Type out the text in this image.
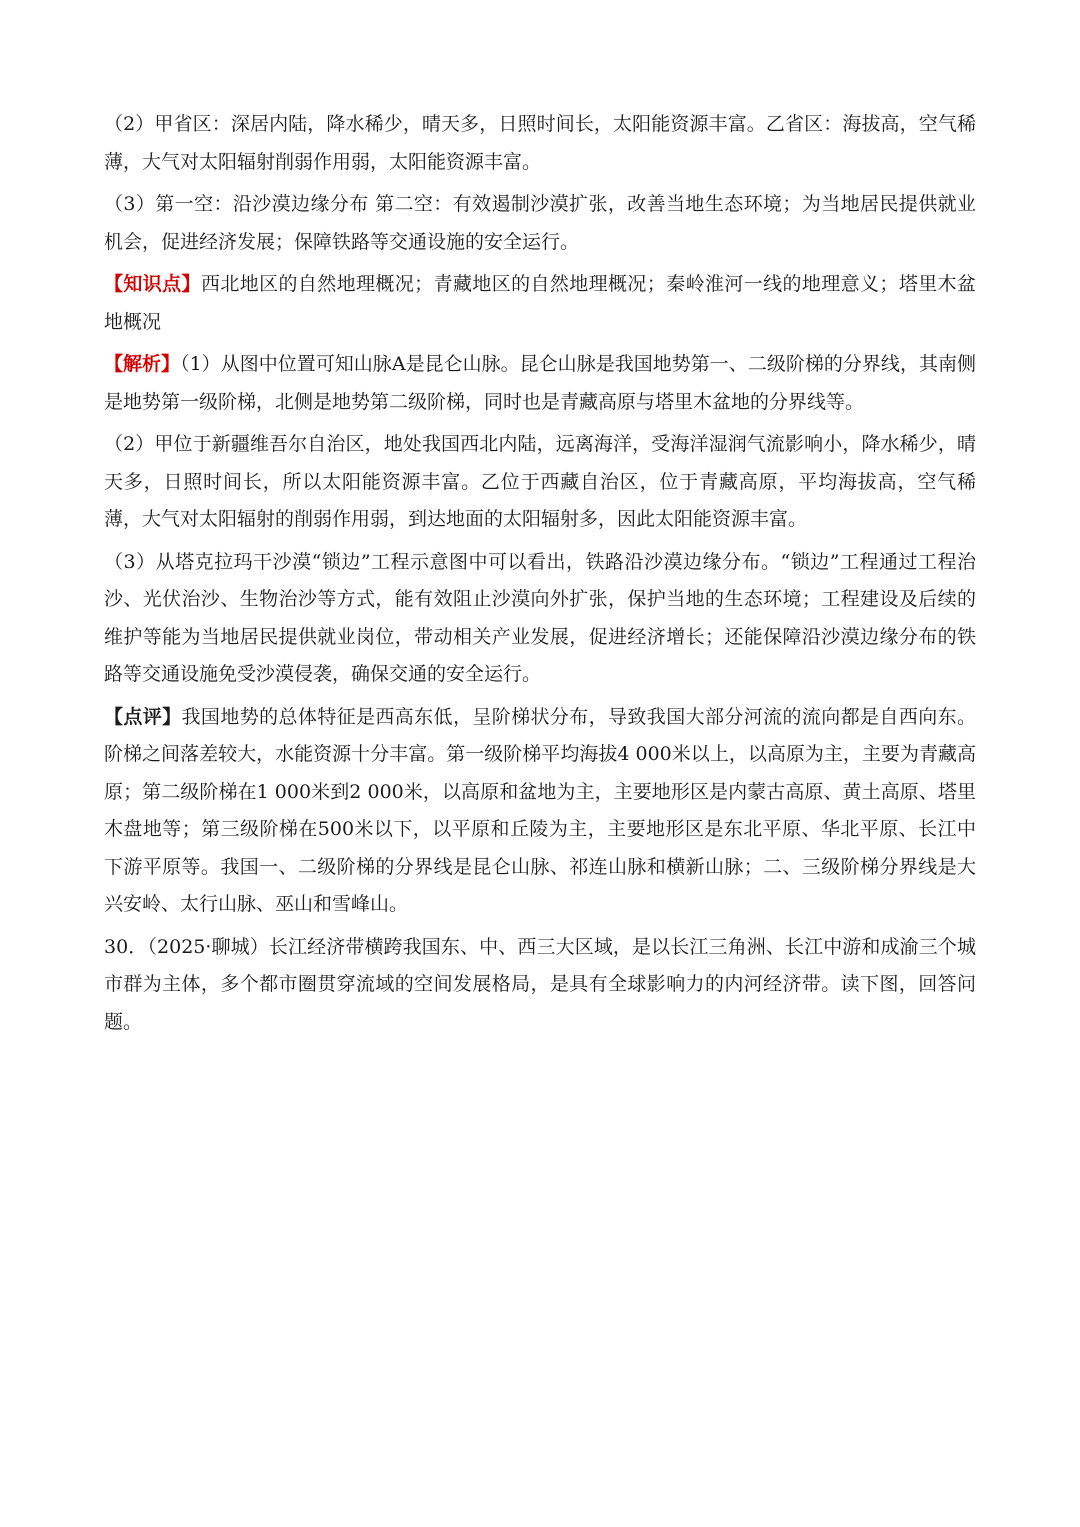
（2）甲省区：深居内陆，降水稀少，晴天多，日照时间长，太阳能资源丰富。乙省区：海拔高，空气稀薄，大气对太阳辐射削弱作用弱，太阳能资源丰富。

（3）第一空：沿沙漠边缘分布 第二空：有效遏制沙漠扩张，改善当地生态环境；为当地居民提供就业机会，促进经济发展；保障铁路等交通设施的安全运行。

【知识点】西北地区的自然地理概况；青藏地区的自然地理概况；秦岭淮河一线的地理意义；塔里木盆地概况

【解析】（1）从图中位置可知山脉A是昆仑山脉。昆仑山脉是我国地势第一、二级阶梯的分界线，其南侧是地势第一级阶梯，北侧是地势第二级阶梯，同时也是青藏高原与塔里木盆地的分界线等。

（2）甲位于新疆维吾尔自治区，地处我国西北内陆，远离海洋，受海洋湿润气流影响小，降水稀少，晴天多，日照时间长，所以太阳能资源丰富。乙位于西藏自治区，位于青藏高原，平均海拔高，空气稀薄，大气对太阳辐射的削弱作用弱，到达地面的太阳辐射多，因此太阳能资源丰富。

（3）从塔克拉玛干沙漠“锁边”工程示意图中可以看出，铁路沿沙漠边缘分布。“锁边”工程通过工程治沙、光伏治沙、生物治沙等方式，能有效阻止沙漠向外扩张，保护当地的生态环境；工程建设及后续的维护等能为当地居民提供就业岗位，带动相关产业发展，促进经济增长；还能保障沿沙漠边缘分布的铁路等交通设施免受沙漠侵袭，确保交通的安全运行。

【点评】我国地势的总体特征是西高东低，呈阶梯状分布，导致我国大部分河流的流向都是自西向东。阶梯之间落差较大，水能资源十分丰富。第一级阶梯平均海拔4 000米以上，以高原为主，主要为青藏高原；第二级阶梯在1 000米到2 000米，以高原和盆地为主，主要地形区是内蒙古高原、黄土高原、塔里木盘地等；第三级阶梯在500米以下，以平原和丘陵为主，主要地形区是东北平原、华北平原、长江中下游平原等。我国一、二级阶梯的分界线是昆仑山脉、祁连山脉和横新山脉；二、三级阶梯分界线是大兴安岭、太行山脉、巫山和雪峰山。

30．（2025·聊城）长江经济带横跨我国东、中、西三大区域，是以长江三角洲、长江中游和成渝三个城市群为主体，多个都市圈贯穿流域的空间发展格局，是具有全球影响力的内河经济带。读下图，回答问题。
